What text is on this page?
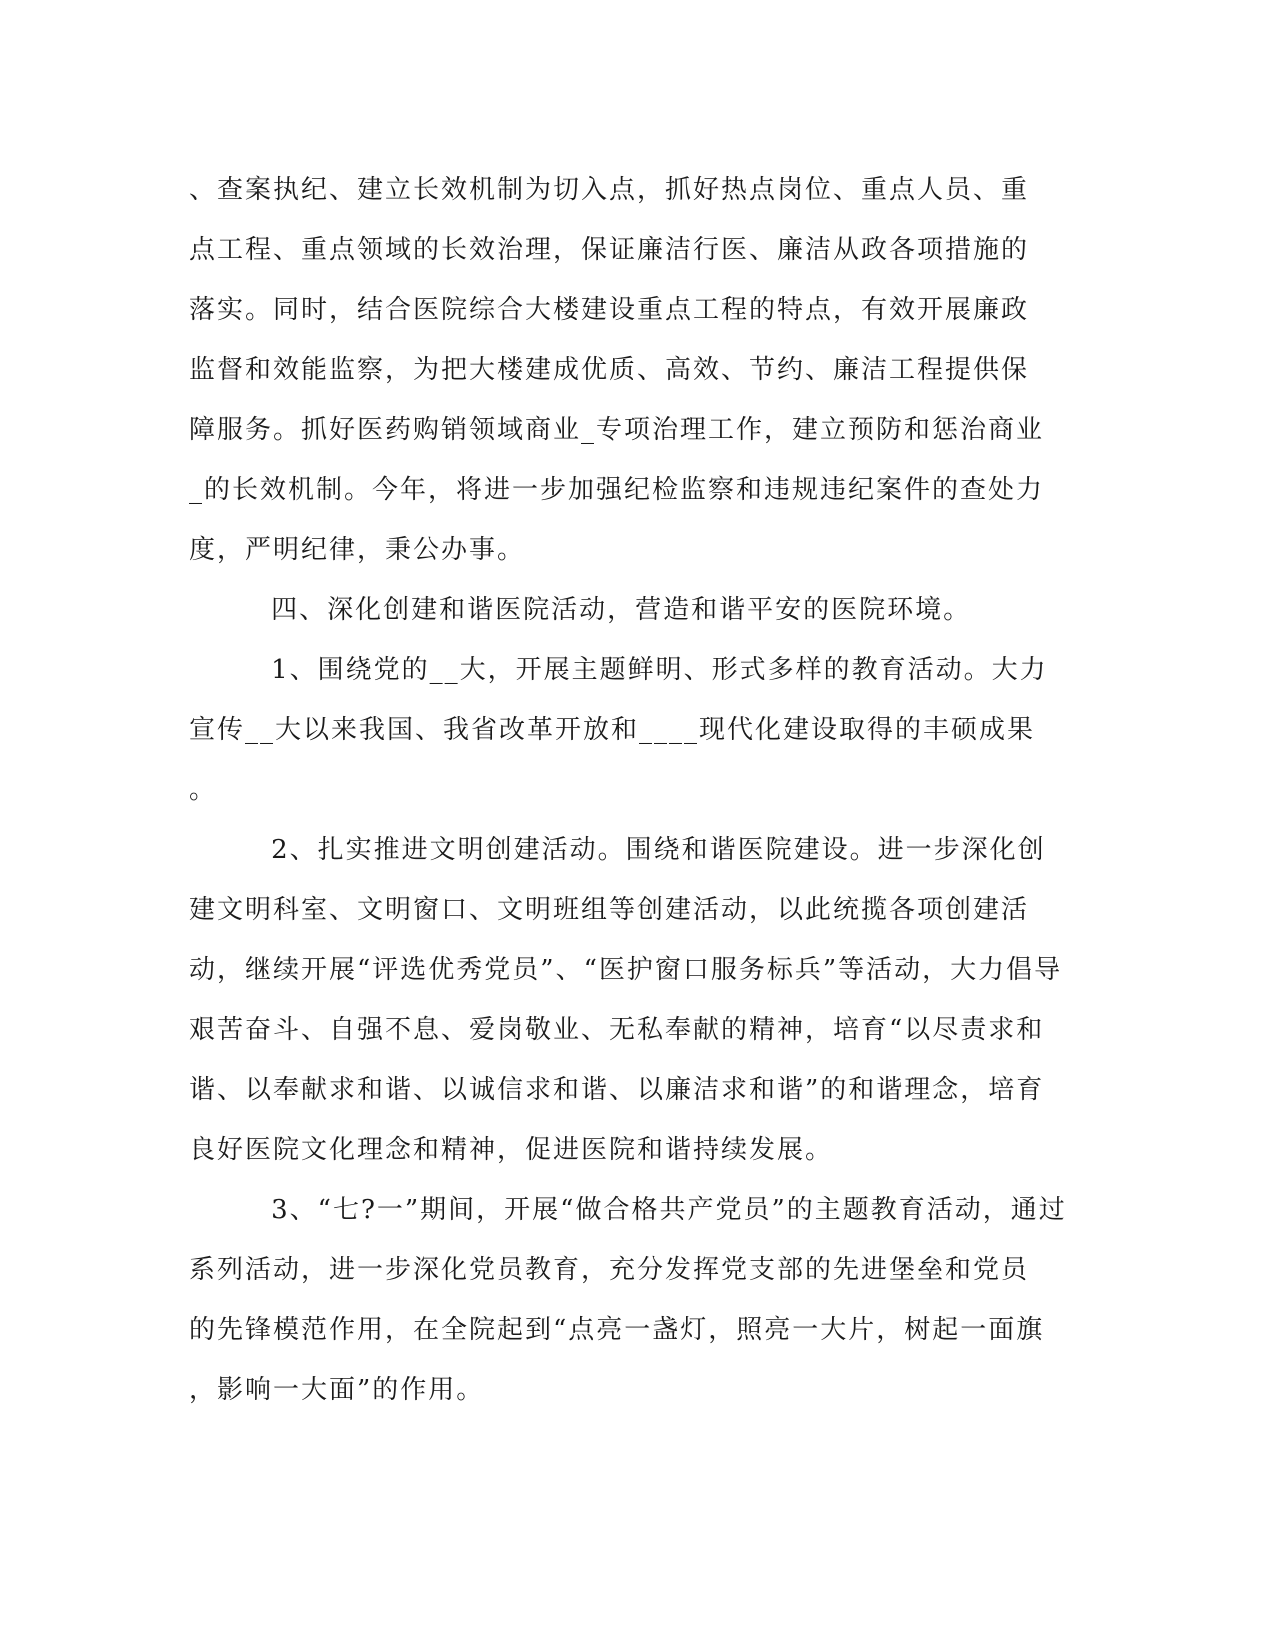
、查案执纪、建立长效机制为切入点，抓好热点岗位、重点人员、重
点工程、重点领域的长效治理，保证廉洁行医、廉洁从政各项措施的
落实。同时，结合医院综合大楼建设重点工程的特点，有效开展廉政
监督和效能监察，为把大楼建成优质、高效、节约、廉洁工程提供保
障服务。抓好医药购销领域商业_专项治理工作，建立预防和惩治商业
_的长效机制。今年，将进一步加强纪检监察和违规违纪案件的查处力
度，严明纪律，秉公办事。
四、深化创建和谐医院活动，营造和谐平安的医院环境。
1、围绕党的__大，开展主题鲜明、形式多样的教育活动。大力
宣传__大以来我国、我省改革开放和____现代化建设取得的丰硕成果
。
2、扎实推进文明创建活动。围绕和谐医院建设。进一步深化创
建文明科室、文明窗口、文明班组等创建活动，以此统揽各项创建活
动，继续开展“评选优秀党员”、“医护窗口服务标兵”等活动，大力倡导
艰苦奋斗、自强不息、爱岗敬业、无私奉献的精神，培育“以尽责求和
谐、以奉献求和谐、以诚信求和谐、以廉洁求和谐”的和谐理念，培育
良好医院文化理念和精神，促进医院和谐持续发展。
3、“七?一”期间，开展“做合格共产党员”的主题教育活动，通过
系列活动，进一步深化党员教育，充分发挥党支部的先进堡垒和党员
的先锋模范作用，在全院起到“点亮一盏灯，照亮一大片，树起一面旗
，影响一大面”的作用。
